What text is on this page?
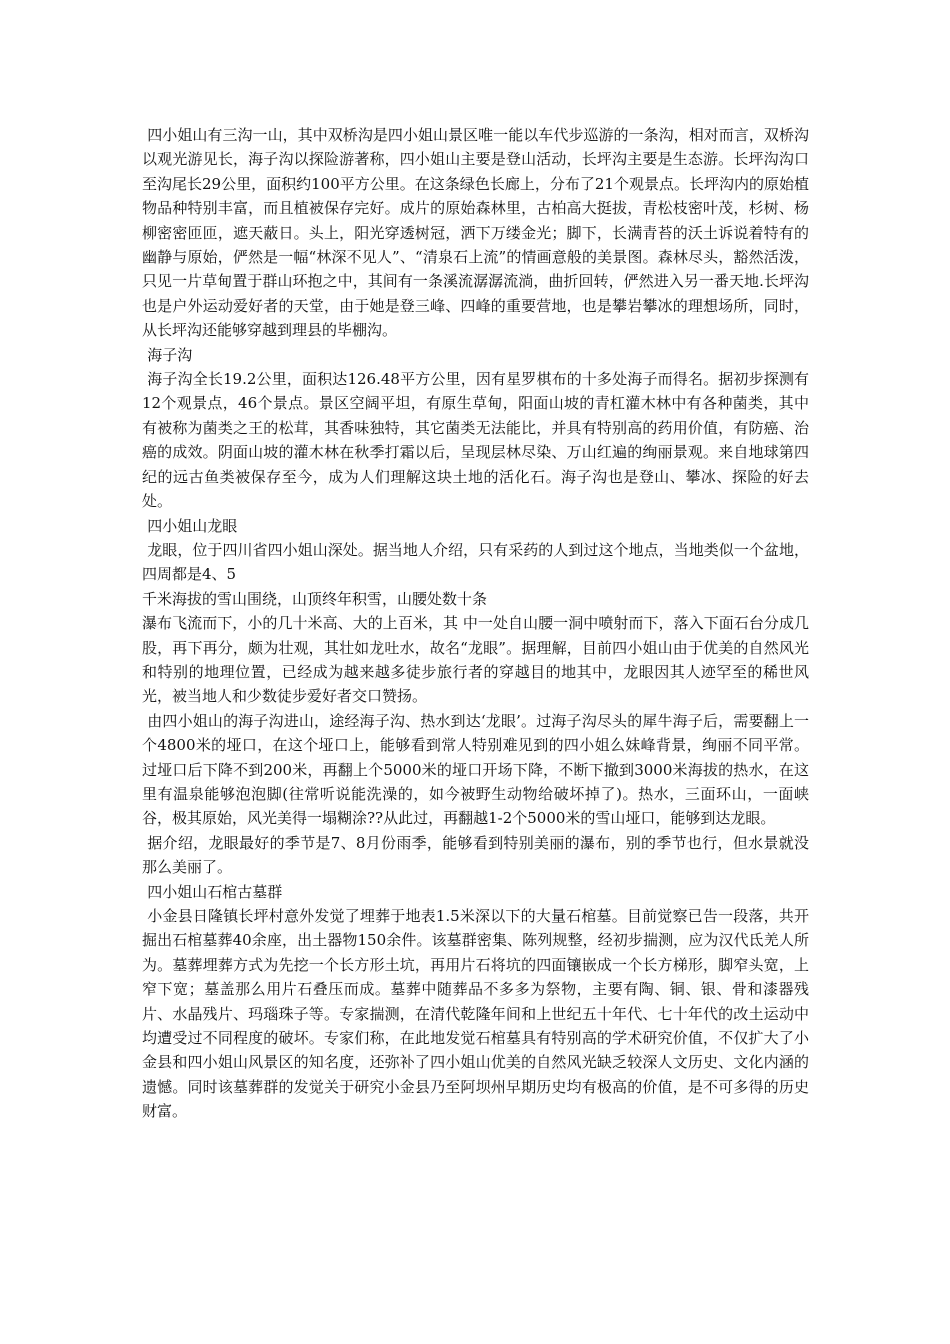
四小姐山有三沟一山，其中双桥沟是四小姐山景区唯一能以车代步巡游的一条沟，相对而言，双桥沟以观光游见长，海子沟以探险游著称，四小姐山主要是登山活动，长坪沟主要是生态游。长坪沟沟口至沟尾长29公里，面积约100平方公里。在这条绿色长廊上，分布了21个观景点。长坪沟内的原始植物品种特别丰富，而且植被保存完好。成片的原始森林里，古柏高大挺拔，青松枝密叶茂，杉树、杨柳密密匝匝，遮天蔽日。头上，阳光穿透树冠，洒下万缕金光；脚下，长满青苔的沃土诉说着特有的幽静与原始，俨然是一幅“林深不见人”、“清泉石上流”的情画意般的美景图。森林尽头，豁然活泼，只见一片草甸置于群山环抱之中，其间有一条溪流潺潺流淌，曲折回转，俨然进入另一番天地.长坪沟也是户外运动爱好者的天堂，由于她是登三峰、四峰的重要营地，也是攀岩攀冰的理想场所，同时，从长坪沟还能够穿越到理县的毕棚沟。

海子沟

海子沟全长19.2公里，面积达126.48平方公里，因有星罗棋布的十多处海子而得名。据初步探测有12个观景点，46个景点。景区空阔平坦，有原生草甸，阳面山坡的青杠灌木林中有各种菌类，其中有被称为菌类之王的松茸，其香味独特，其它菌类无法能比，并具有特别高的药用价值，有防癌、治癌的成效。阴面山坡的灌木林在秋季打霜以后，呈现层林尽染、万山红遍的绚丽景观。来自地球第四纪的远古鱼类被保存至今，成为人们理解这块土地的活化石。海子沟也是登山、攀冰、探险的好去处。

四小姐山龙眼

龙眼，位于四川省四小姐山深处。据当地人介绍，只有采药的人到过这个地点，当地类似一个盆地，四周都是4、5

千米海拔的雪山围绕，山顶终年积雪，山腰处数十条

瀑布飞流而下，小的几十米高、大的上百米，其 中一处自山腰一洞中喷射而下，落入下面石台分成几股，再下再分，颇为壮观，其壮如龙吐水，故名“龙眼”。据理解，目前四小姐山由于优美的自然风光和特别的地理位置，已经成为越来越多徒步旅行者的穿越目的地其中，龙眼因其人迹罕至的稀世风光，被当地人和少数徒步爱好者交口赞扬。

由四小姐山的海子沟进山，途经海子沟、热水到达‘龙眼’。过海子沟尽头的犀牛海子后，需要翻上一个4800米的垭口，在这个垭口上，能够看到常人特别难见到的四小姐么妹峰背景，绚丽不同平常。过垭口后下降不到200米，再翻上个5000米的垭口开场下降，不断下撤到3000米海拔的热水，在这里有温泉能够泡泡脚(往常听说能洗澡的，如今被野生动物给破坏掉了)。热水，三面环山，一面峡谷，极其原始，风光美得一塌糊涂??从此过，再翻越1-2个5000米的雪山垭口，能够到达龙眼。

据介绍，龙眼最好的季节是7、8月份雨季，能够看到特别美丽的瀑布，别的季节也行，但水景就没那么美丽了。

四小姐山石棺古墓群

小金县日隆镇长坪村意外发觉了埋葬于地表1.5米深以下的大量石棺墓。目前觉察已告一段落，共开掘出石棺墓葬40余座，出土器物150余件。该墓群密集、陈列规整，经初步揣测，应为汉代氐羌人所为。墓葬埋葬方式为先挖一个长方形土坑，再用片石将坑的四面镶嵌成一个长方梯形，脚窄头宽，上窄下宽；墓盖那么用片石叠压而成。墓葬中随葬品不多多为祭物，主要有陶、铜、银、骨和漆器残片、水晶残片、玛瑙珠子等。专家揣测，在清代乾隆年间和上世纪五十年代、七十年代的改土运动中均遭受过不同程度的破坏。专家们称，在此地发觉石棺墓具有特别高的学术研究价值，不仅扩大了小金县和四小姐山风景区的知名度，还弥补了四小姐山优美的自然风光缺乏较深人文历史、文化内涵的遗憾。同时该墓葬群的发觉关于研究小金县乃至阿坝州早期历史均有极高的价值，是不可多得的历史财富。
